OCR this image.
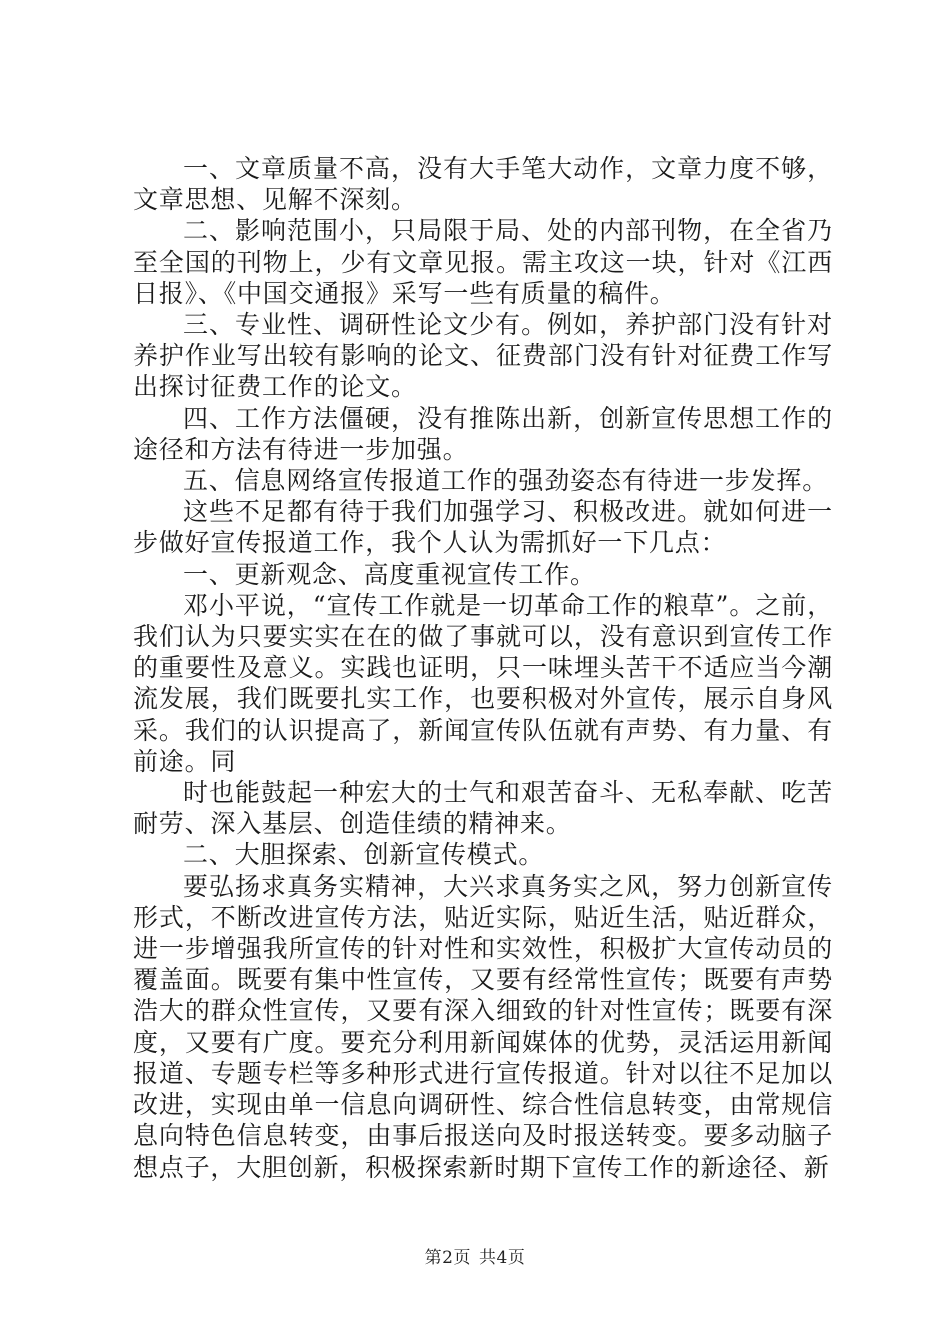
一、文章质量不高，没有大手笔大动作，文章力度不够，文章思想、见解不深刻。

二、影响范围小，只局限于局、处的内部刊物，在全省乃至全国的刊物上，少有文章见报。需主攻这一块，针对《江西日报》、《中国交通报》采写一些有质量的稿件。

三、专业性、调研性论文少有。例如，养护部门没有针对养护作业写出较有影响的论文、征费部门没有针对征费工作写出探讨征费工作的论文。

四、工作方法僵硬，没有推陈出新，创新宣传思想工作的途径和方法有待进一步加强。

五、信息网络宣传报道工作的强劲姿态有待进一步发挥。

这些不足都有待于我们加强学习、积极改进。就如何进一步做好宣传报道工作，我个人认为需抓好一下几点：

一、更新观念、高度重视宣传工作。

邓小平说，“宣传工作就是一切革命工作的粮草”。之前，我们认为只要实实在在的做了事就可以，没有意识到宣传工作的重要性及意义。实践也证明，只一味埋头苦干不适应当今潮流发展，我们既要扎实工作，也要积极对外宣传，展示自身风采。我们的认识提高了，新闻宣传队伍就有声势、有力量、有前途。同

时也能鼓起一种宏大的士气和艰苦奋斗、无私奉献、吃苦耐劳、深入基层、创造佳绩的精神来。

二、大胆探索、创新宣传模式。

要弘扬求真务实精神，大兴求真务实之风，努力创新宣传形式，不断改进宣传方法，贴近实际，贴近生活，贴近群众，进一步增强我所宣传的针对性和实效性，积极扩大宣传动员的覆盖面。既要有集中性宣传，又要有经常性宣传；既要有声势浩大的群众性宣传，又要有深入细致的针对性宣传；既要有深度，又要有广度。要充分利用新闻媒体的优势，灵活运用新闻报道、专题专栏等多种形式进行宣传报道。针对以往不足加以改进，实现由单一信息向调研性、综合性信息转变，由常规信息向特色信息转变，由事后报送向及时报送转变。要多动脑子想点子，大胆创新，积极探索新时期下宣传工作的新途径、新

第2页 共4页
